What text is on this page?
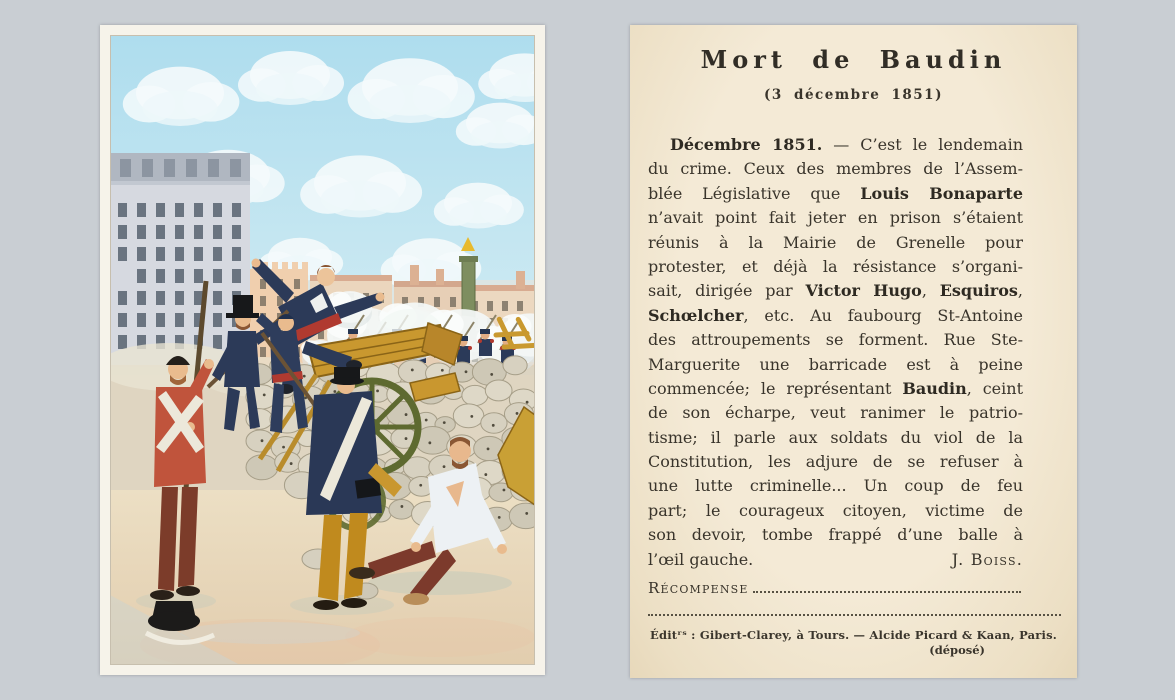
Mort de Baudin
(3 décembre 1851)
Décembre 1851. — C’est le lendemain
du crime. Ceux des membres de l’Assem-
blée Législative que Louis Bonaparte
n’avait point fait jeter en prison s’étaient
réunis à la Mairie de Grenelle pour
protester, et déjà la résistance s’organi-
sait, dirigée par Victor Hugo, Esquiros,
Schœlcher, etc. Au faubourg St-Antoine
des attroupements se forment. Rue Ste-
Marguerite une barricade est à peine
commencée; le représentant Baudin, ceint
de son écharpe, veut ranimer le patrio-
tisme; il parle aux soldats du viol de la
Constitution, les adjure de se refuser à
une lutte criminelle... Un coup de feu
part; le courageux citoyen, victime de
son devoir, tombe frappé d’une balle à
l’œil gauche.	J. Boiss.
Récompense
Éditʳˢ : Gibert-Clarey, à Tours. — Alcide Picard & Kaan, Paris.
(déposé)
